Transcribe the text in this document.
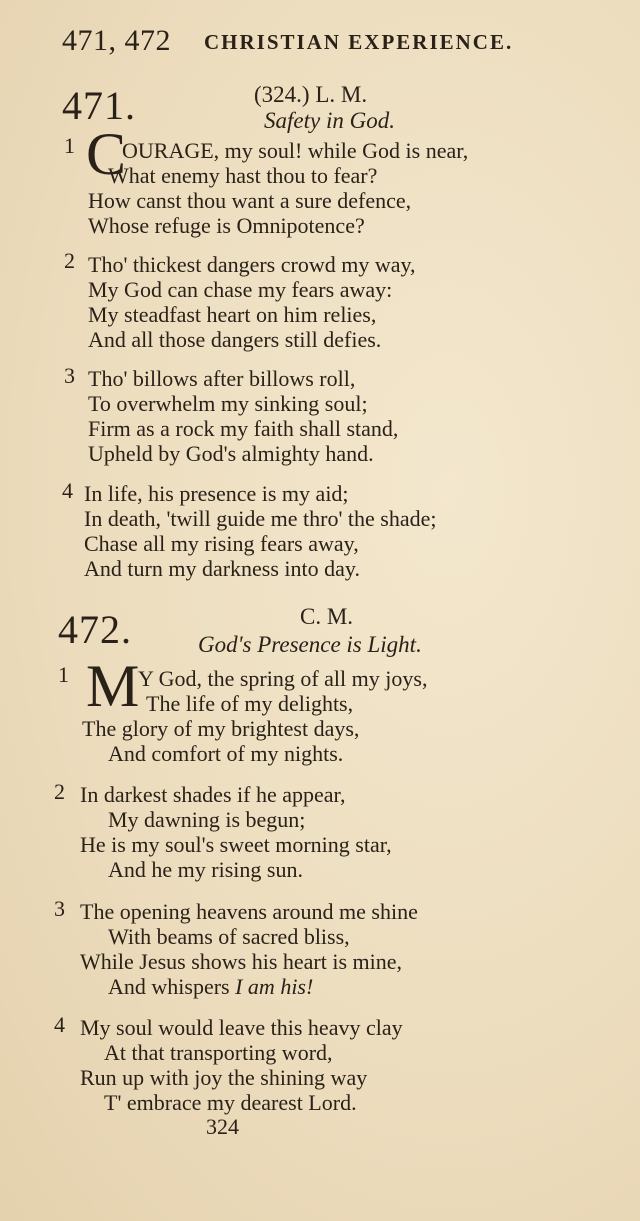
471, 472 CHRISTIAN EXPERIENCE.
471.	(324.) L. M.
Safety in God.
1 C
OURAGE, my soul! while God is near,
What enemy hast thou to fear?
How canst thou want a sure defence,
Whose refuge is Omnipotence?
2 Tho' thickest dangers crowd my way,
My God can chase my fears away:
My steadfast heart on him relies,
And all those dangers still defies.
3 Tho' billows after billows roll,
To overwhelm my sinking soul;
Firm as a rock my faith shall stand,
Upheld by God's almighty hand.
4 In life, his presence is my aid;
In death, 'twill guide me thro' the shade;
Chase all my rising fears away,
And turn my darkness into day.
472.	C. M.
God's Presence is Light.
1 M
Y God, the spring of all my joys,
The life of my delights,
The glory of my brightest days,
And comfort of my nights.
2 In darkest shades if he appear,
My dawning is begun;
He is my soul's sweet morning star,
And he my rising sun.
3 The opening heavens around me shine
With beams of sacred bliss,
While Jesus shows his heart is mine,
And whispers I am his!
4 My soul would leave this heavy clay
At that transporting word,
Run up with joy the shining way
T' embrace my dearest Lord.
324
